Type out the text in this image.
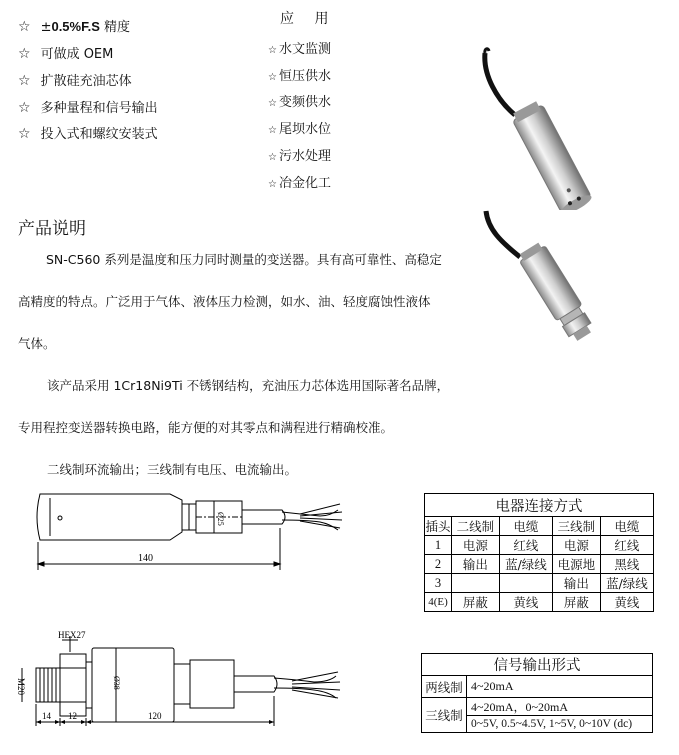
☆ ±0.5%F.S 精度
☆ 可做成 OEM
☆ 扩散硅充油芯体
☆ 多种量程和信号输出
☆ 投入式和螺纹安装式
应 用
☆ 水文监测
☆ 恒压供水
☆ 变频供水
☆ 尾坝水位
☆ 污水处理
☆ 冶金化工
产品说明
SN-C560 系列是温度和压力同时测量的变送器。具有高可靠性、高稳定
高精度的特点。广泛用于气体、液体压力检测，如水、油、轻度腐蚀性液体
气体。
该产品采用 1Cr18Ni9Ti 不锈钢结构，充油压力芯体选用国际著名品牌，
专用程控变送器转换电路，能方便的对其零点和满程进行精确校准。
二线制环流输出；三线制有电压、电流输出。
140
Ø25
HEX27
M20	Ø38
14 12	120
电器连接方式				
插头	二线制	电缆	三线制	电缆
1	电源	红线	电源	红线
2	输出	蓝/绿线	电源地	黑线
3			输出	蓝/绿线
4(E)	屏蔽	黄线	屏蔽	黄线
信号输出形式	
两线制	4~20mA
三线制	4~20mA，0~20mA
	0~5V, 0.5~4.5V, 1~5V, 0~10V (dc)
